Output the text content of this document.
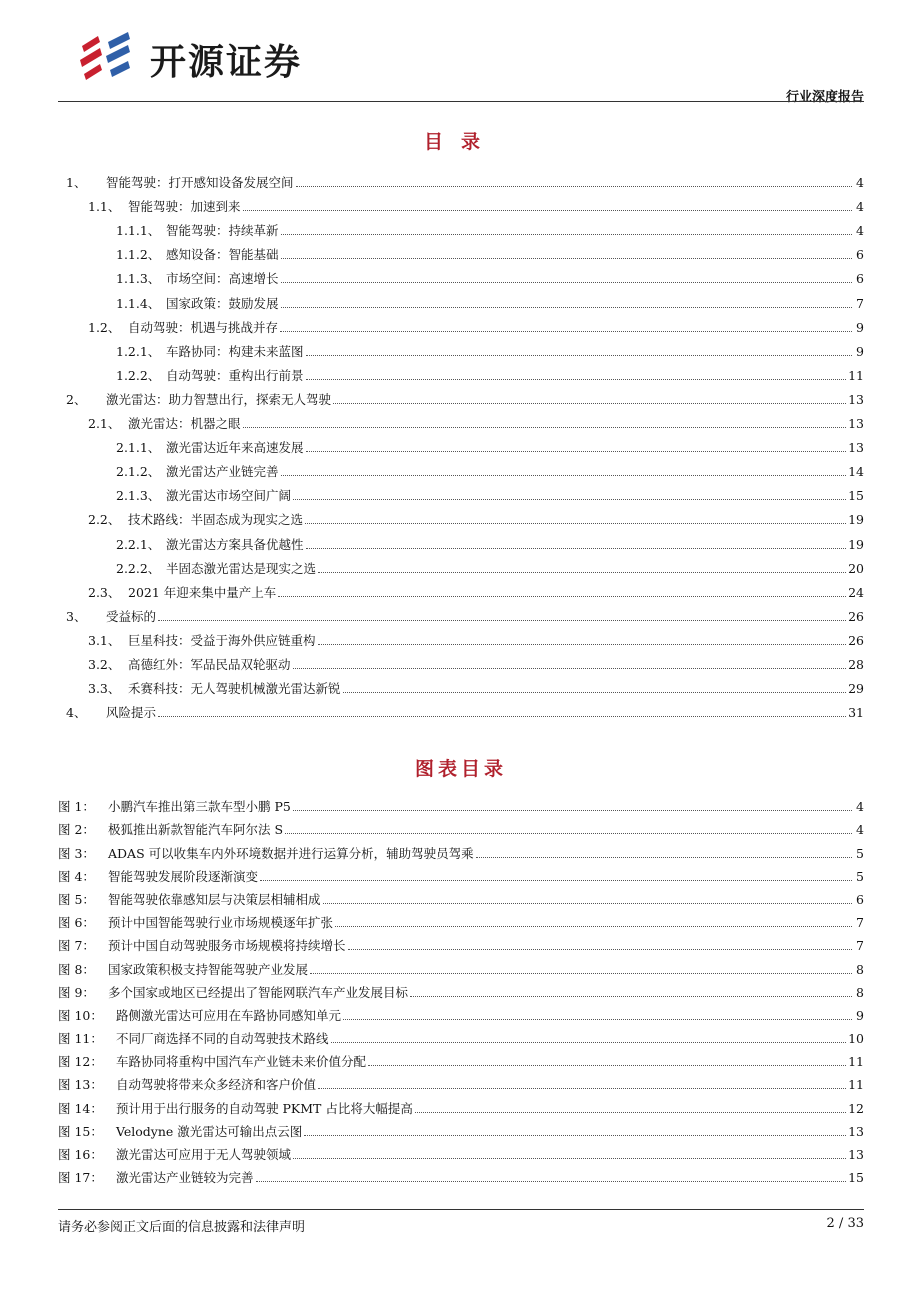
开源证券
行业深度报告
目录
1、	智能驾驶：打开感知设备发展空间	4
1.1、 智能驾驶：加速到来	4
1.1.1、 智能驾驶：持续革新	4
1.1.2、 感知设备：智能基础	6
1.1.3、 市场空间：高速增长	6
1.1.4、 国家政策：鼓励发展	7
1.2、 自动驾驶：机遇与挑战并存	9
1.2.1、 车路协同：构建未来蓝图	9
1.2.2、 自动驾驶：重构出行前景	11
2、	激光雷达：助力智慧出行，探索无人驾驶	13
2.1、 激光雷达：机器之眼	13
2.1.1、 激光雷达近年来高速发展	13
2.1.2、 激光雷达产业链完善	14
2.1.3、 激光雷达市场空间广阔	15
2.2、 技术路线：半固态成为现实之选	19
2.2.1、 激光雷达方案具备优越性	19
2.2.2、 半固态激光雷达是现实之选	20
2.3、 2021 年迎来集中量产上车	24
3、	受益标的	26
3.1、 巨星科技：受益于海外供应链重构	26
3.2、 高德红外：军品民品双轮驱动	28
3.3、 禾赛科技：无人驾驶机械激光雷达新锐	29
4、	风险提示	31
图表目录
图 1：	小鹏汽车推出第三款车型小鹏 P5	4
图 2：	极狐推出新款智能汽车阿尔法 S	4
图 3：	ADAS 可以收集车内外环境数据并进行运算分析，辅助驾驶员驾乘	5
图 4：	智能驾驶发展阶段逐渐演变	5
图 5：	智能驾驶依靠感知层与决策层相辅相成	6
图 6：	预计中国智能驾驶行业市场规模逐年扩张	7
图 7：	预计中国自动驾驶服务市场规模将持续增长	7
图 8：	国家政策积极支持智能驾驶产业发展	8
图 9：	多个国家或地区已经提出了智能网联汽车产业发展目标	8
图 10：	路侧激光雷达可应用在车路协同感知单元	9
图 11：	不同厂商选择不同的自动驾驶技术路线	10
图 12：	车路协同将重构中国汽车产业链未来价值分配	11
图 13：	自动驾驶将带来众多经济和客户价值	11
图 14：	预计用于出行服务的自动驾驶 PKMT 占比将大幅提高	12
图 15：	Velodyne 激光雷达可输出点云图	13
图 16：	激光雷达可应用于无人驾驶领域	13
图 17：	激光雷达产业链较为完善	15
请务必参阅正文后面的信息披露和法律声明	2 / 33
